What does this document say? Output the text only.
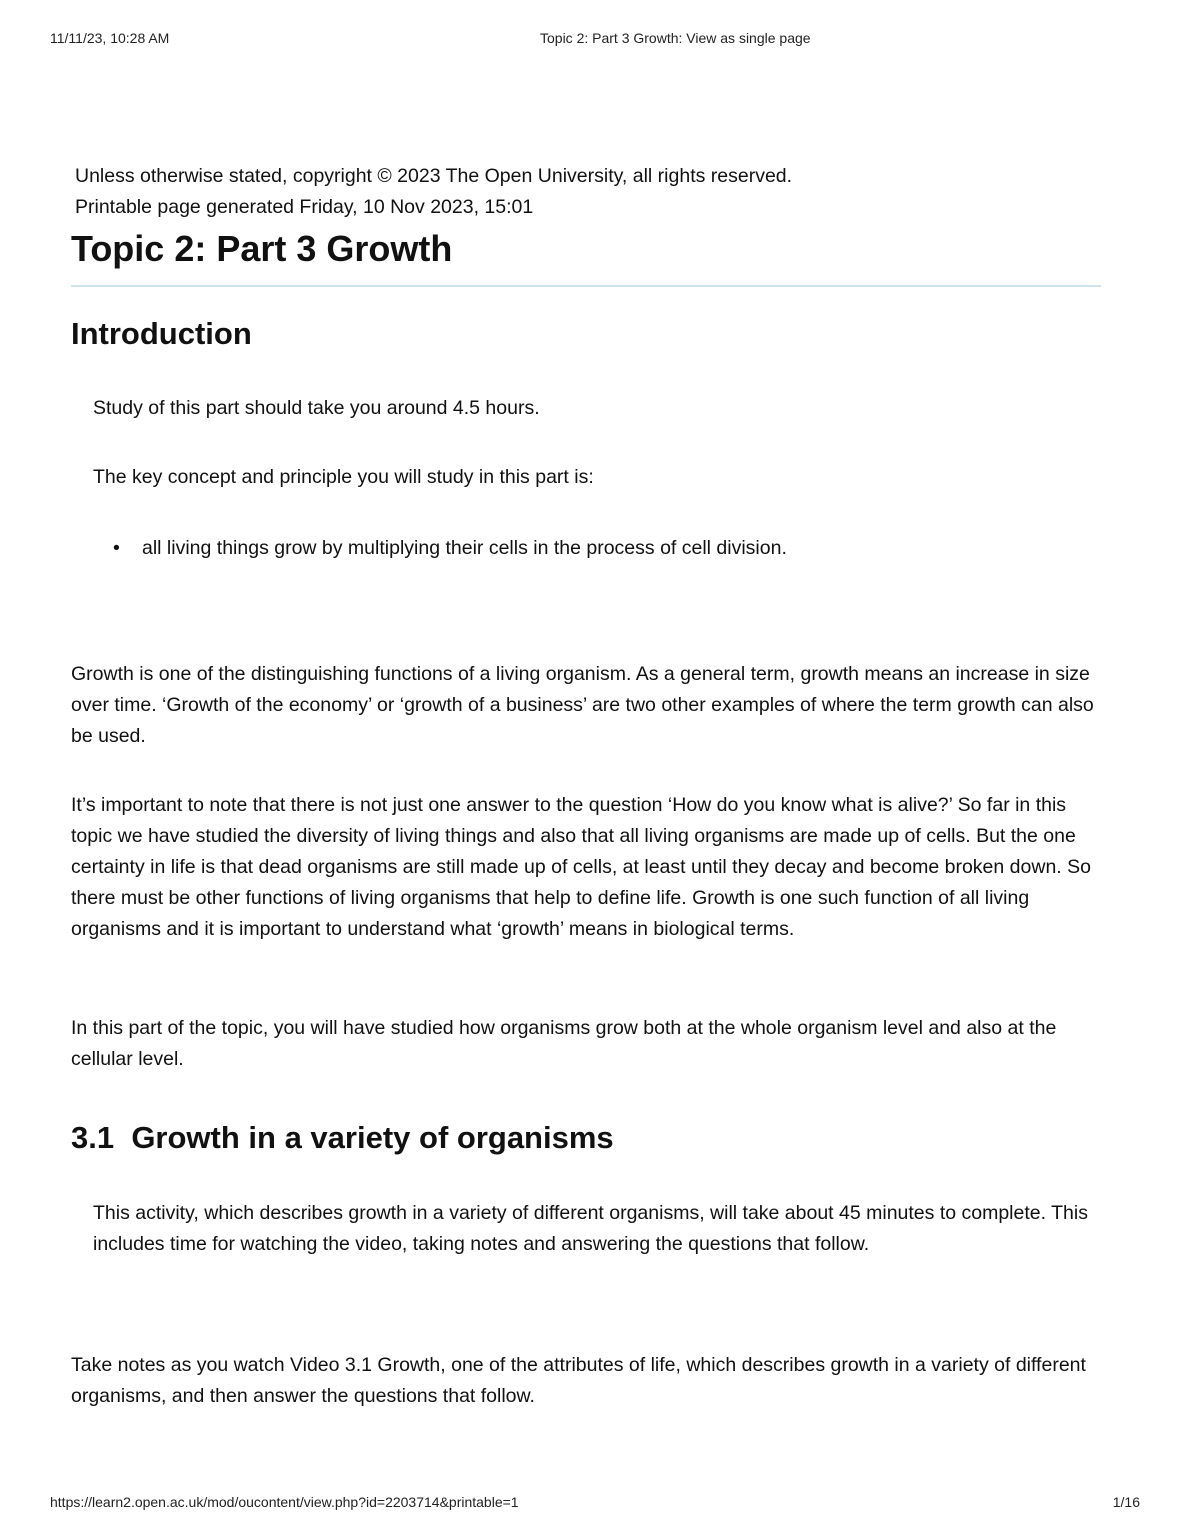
11/11/23, 10:28 AM	Topic 2: Part 3 Growth: View as single page
Unless otherwise stated, copyright © 2023 The Open University, all rights reserved.
Printable page generated Friday, 10 Nov 2023, 15:01
Topic 2: Part 3 Growth
Introduction

Study of this part should take you around 4.5 hours.

The key concept and principle you will study in this part is:

• all living things grow by multiplying their cells in the process of cell division.

Growth is one of the distinguishing functions of a living organism. As a general term, growth means an increase in size over time. ‘Growth of the economy’ or ‘growth of a business’ are two other examples of where the term growth can also be used.

It’s important to note that there is not just one answer to the question ‘How do you know what is alive?’ So far in this topic we have studied the diversity of living things and also that all living organisms are made up of cells. But the one certainty in life is that dead organisms are still made up of cells, at least until they decay and become broken down. So there must be other functions of living organisms that help to define life. Growth is one such function of all living organisms and it is important to understand what ‘growth’ means in biological terms.

In this part of the topic, you will have studied how organisms grow both at the whole organism level and also at the cellular level.

3.1  Growth in a variety of organisms

This activity, which describes growth in a variety of different organisms, will take about 45 minutes to complete. This includes time for watching the video, taking notes and answering the questions that follow.

Take notes as you watch Video 3.1 Growth, one of the attributes of life, which describes growth in a variety of different organisms, and then answer the questions that follow.

https://learn2.open.ac.uk/mod/oucontent/view.php?id=2203714&printable=1	1/16
